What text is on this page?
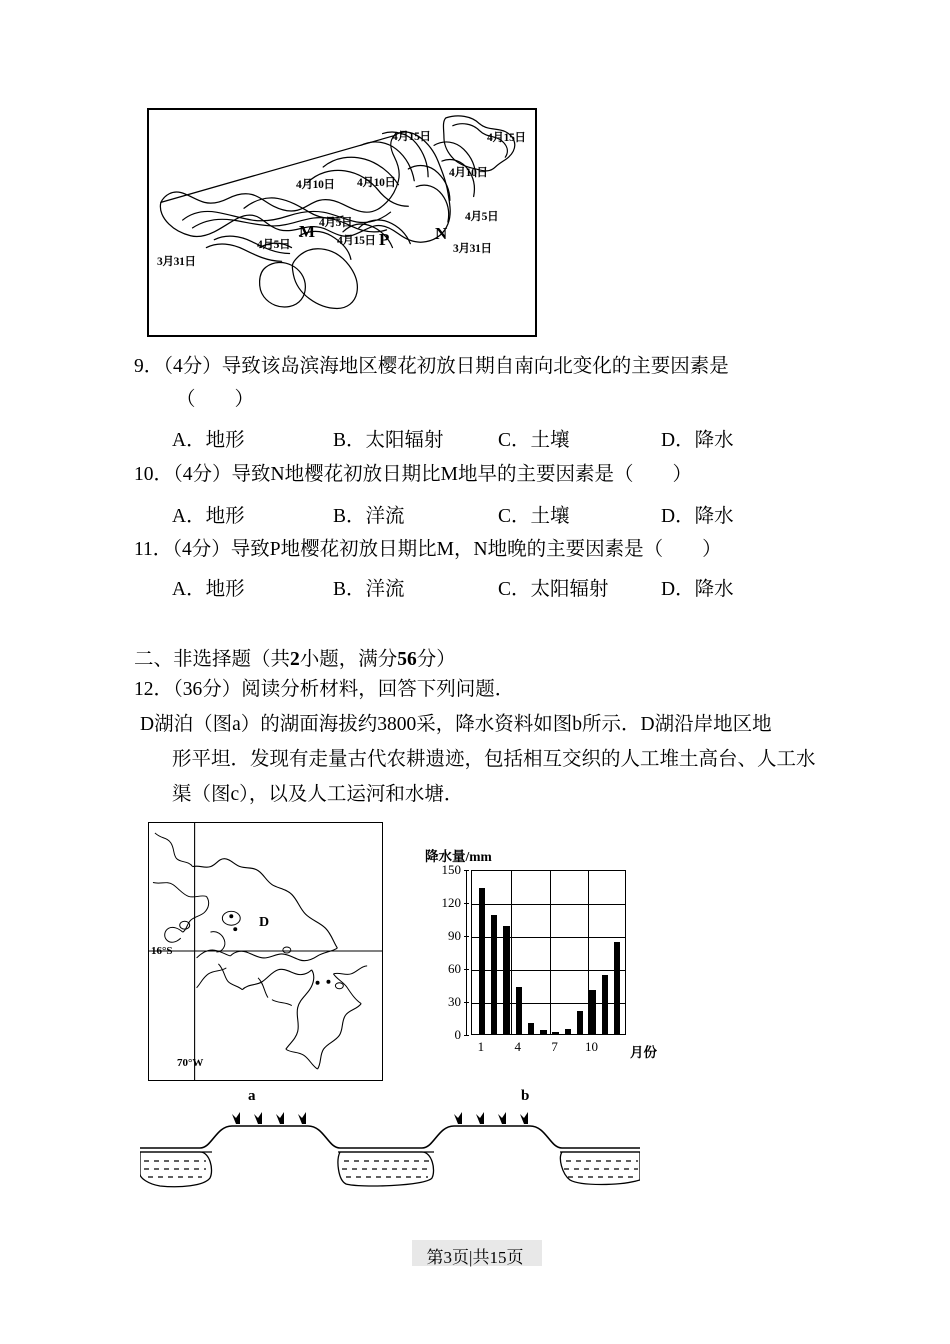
4月15日	4月15日
4月10日
4月10日 4月10日
4月5日
4月5日
4月5日	4月15日
3月31日
3月31日
M	P	N
9．（4分）导致该岛滨海地区樱花初放日期自南向北变化的主要因素是
（　　）
A．地形	B．太阳辐射	C．土壤	D．降水
10．（4分）导致N地樱花初放日期比M地早的主要因素是（　　）
A．地形	B．洋流	C．土壤	D．降水
11．（4分）导致P地樱花初放日期比M，N地晚的主要因素是（　　）
A．地形	B．洋流	C．太阳辐射	D．降水
二、非选择题（共2小题，满分56分）
12．（36分）阅读分析材料，回答下列问题．
D湖泊（图a）的湖面海拔约3800采，降水资料如图b所示．D湖沿岸地区地
形平坦．发现有走量古代农耕遗迹，包括相互交织的人工堆土高台、人工水
渠（图c），以及人工运河和水塘．
D
16°S
70°W
a
降水量/mm
0
30
60
90
120
150
1	4	7	10 月份
b
第3页|共15页
